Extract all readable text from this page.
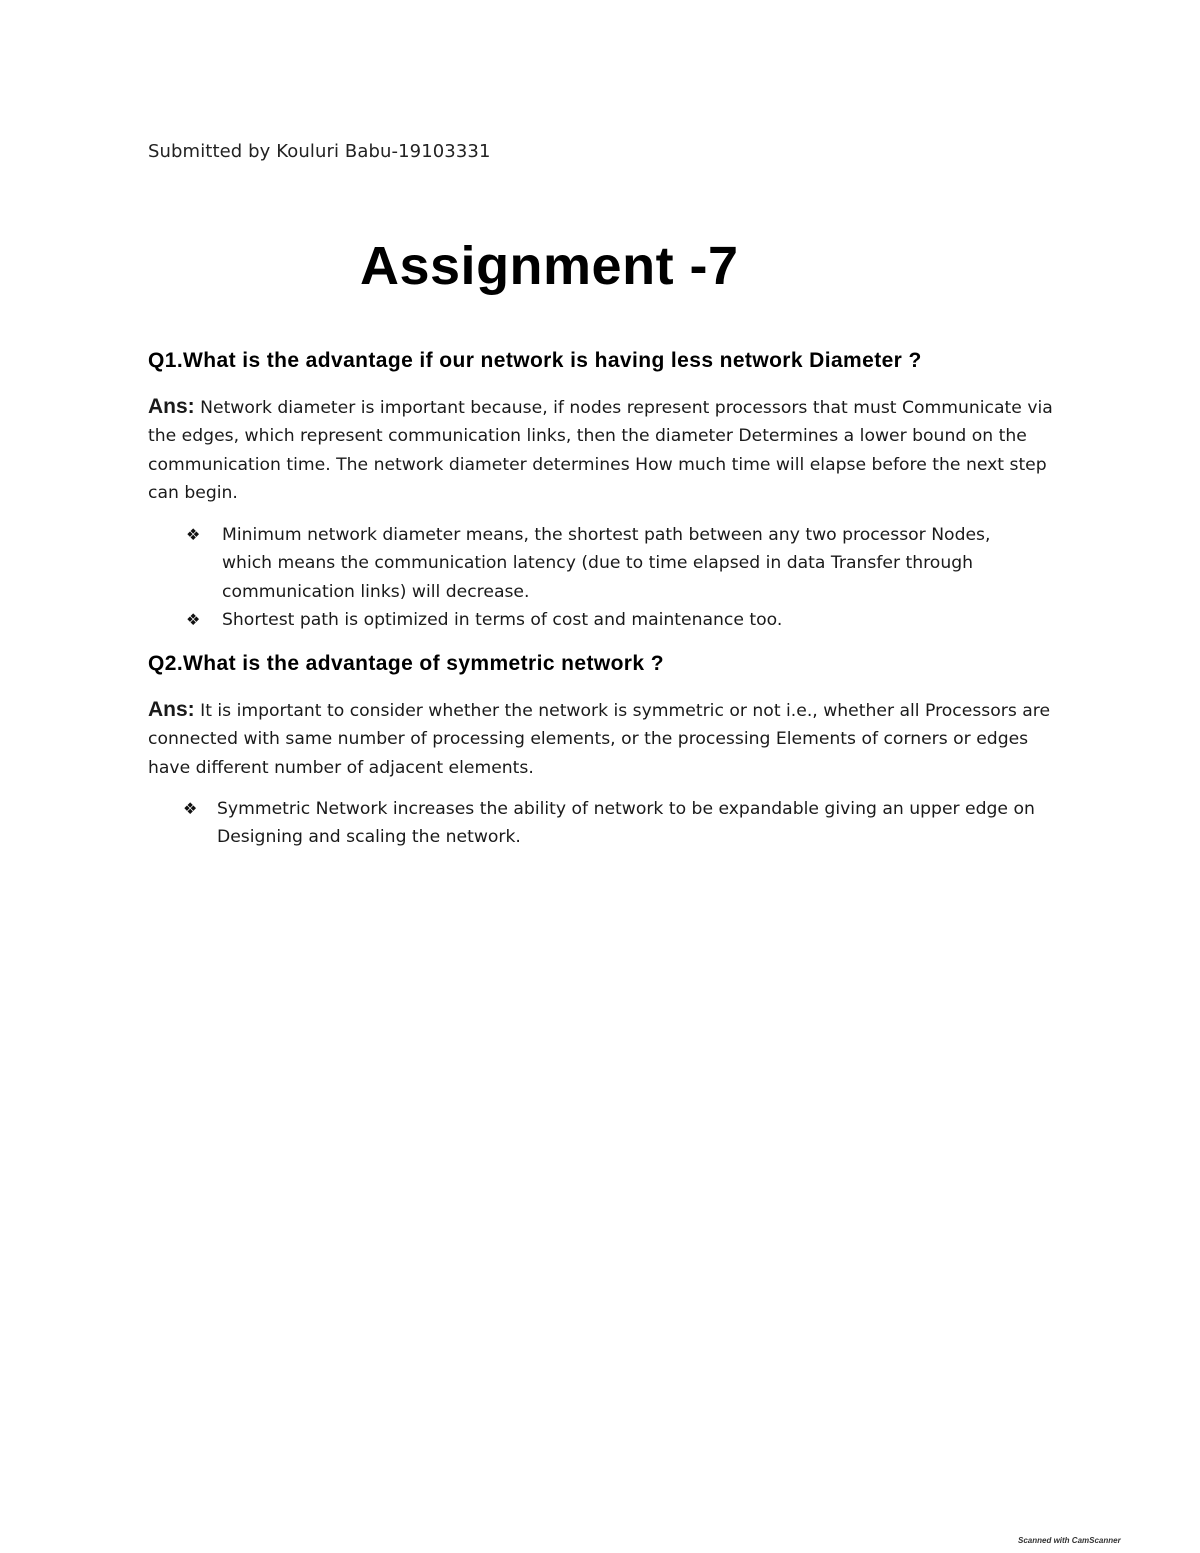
Submitted by Kouluri Babu-19103331
Assignment -7
Q1.What is the advantage if our network is having less network Diameter ?

Ans: Network diameter is important because, if nodes represent processors that must Communicate via the edges, which represent communication links, then the diameter Determines a lower bound on the communication time. The network diameter determines How much time will elapse before the next step can begin.

❖	Minimum network diameter means, the shortest path between any two processor Nodes, which means the communication latency (due to time elapsed in data Transfer through communication links) will decrease.
❖	Shortest path is optimized in terms of cost and maintenance too.
Q2.What is the advantage of symmetric network ?

Ans: It is important to consider whether the network is symmetric or not i.e., whether all Processors are connected with same number of processing elements, or the processing Elements of corners or edges have different number of adjacent elements.

❖	Symmetric Network increases the ability of network to be expandable giving an upper edge on Designing and scaling the network.
Scanned with CamScanner
